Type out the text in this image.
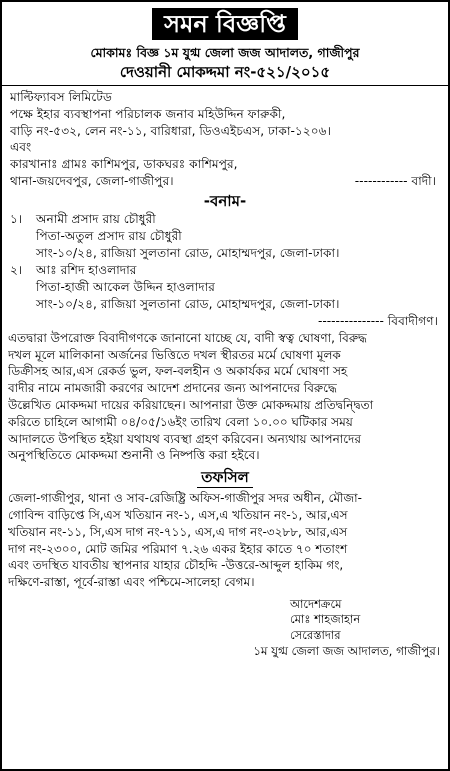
সমন বিজ্ঞপ্তি
মোকামঃ বিজ্ঞ ১ম যুগ্ম জেলা জজ আদালত, গাজীপুর
দেওয়ানী মোকদ্দমা নং-৫২১/২০১৫
মাল্টিফ্যাবস লিমিটেড
পক্ষে ইহার ব্যবস্থাপনা পরিচালক জনাব মহিউদ্দিন ফারুকী,
বাড়ি নং-৫৩২, লেন নং-১১, বারিধারা, ডিওএইচএস, ঢাকা-১২০৬।
এবং
কারখানাঃ গ্রামঃ কাশিমপুর, ডাকঘরঃ কাশিমপুর,
থানা-জয়দেবপুর, জেলা-গাজীপুর।	------------ বাদী।
-বনাম-
১। অনামী প্রসাদ রায় চৌধুরী
পিতা-অতুল প্রসাদ রায় চৌধুরী
সাং-১০/২৪, রাজিয়া সুলতানা রোড, মোহাম্মদপুর, জেলা-ঢাকা।
২। আঃ রশিদ হাওলাদার
পিতা-হাজী আকেল উদ্দিন হাওলাদার
সাং-১০/২৪, রাজিয়া সুলতানা রোড, মোহাম্মদপুর, জেলা-ঢাকা।
--------------- বিবাদীগণ।
এতদ্বারা উপরোক্ত বিবাদীগণকে জানানো যাচ্ছে যে, বাদী স্বত্ব ঘোষণা, বিরুদ্ধ
দখল মূলে মালিকানা অর্জনের ভিত্তিতে দখল স্থীরতর মর্মে ঘোষণা মূলক
ডিক্রীসহ আর,এস রেকর্ড ভুল, ফল-বলহীন ও অকার্যকর মর্মে ঘোষণা সহ
বাদীর নামে নামজারী করণের আদেশ প্রদানের জন্য আপনাদের বিরুদ্ধে
উল্লেখিত মোকদ্দমা দায়ের করিয়াছেন। আপনারা উক্ত মোকদ্দমায় প্রতিদ্বন্দ্বিতা
করিতে চাহিলে আগামী ০৪/০৫/১৬ইং তারিখ বেলা ১০.০০ ঘটিকার সময়
আদালতে উপস্থিত হইয়া যথাযথ ব্যবস্থা গ্রহণ করিবেন। অন্যথায় আপনাদের
অনুপস্থিতিতে মোকদ্দমা শুনানী ও নিষ্পত্তি করা হইবে।
তফসিল
জেলা-গাজীপুর, থানা ও সাব-রেজিষ্ট্রি অফিস-গাজীপুর সদর অধীন, মৌজা-
গোবিন্দ বাড়িপ্তে সি,এস খতিয়ান নং-১, এস,এ খতিয়ান নং-১, আর,এস
খতিয়ান নং-১১, সি,এস দাগ নং-৭১১, এস,এ দাগ নং-৩২৮৮, আর,এস
দাগ নং-২৩০০, মোট জমির পরিমাণ ৭.২৬ একর ইহার কাতে ৭০ শতাংশ
এবং তদস্থিত যাবতীয় স্থাপনার যাহার চৌহদ্দি -উত্তরে-আব্দুল হাকিম গং,
দক্ষিণে-রাস্তা, পূর্বে-রাস্তা এবং পশ্চিমে-সালেহা বেগম।
আদেশক্রমে
মোঃ শাহজাহান
সেরেস্তাদার
১ম যুগ্ম জেলা জজ আদালত, গাজীপুর।
